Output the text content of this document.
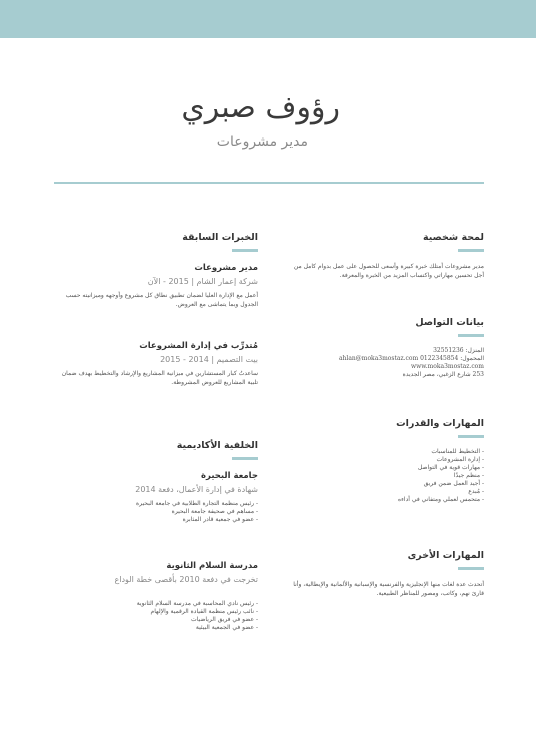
رؤوف صبري
مدير مشروعات
لمحة شخصية
مدير مشروعات أمتلك خبرة كبيرة وأسعى للحصول على عمل بدوام كامل من أجل تحسين مهاراتي واكتساب المزيد من الخبرة والمعرفة.
بيانات التواصل
المنزل: 32551236
المحمول: 0122345854 ahlan@moka3mostaz.com
www.moka3mostaz.com
253 شارع الزغبي، مصر الجديدة
المهارات والقدرات
- التخطيط للمناسبات
- إدارة المشروعات
- مهارات قوية في التواصل
- منظم جيدًا
- أجيد العمل ضمن فريق
- مُبدع
- متحمس لعملي ومتفاني في أداءه
المهارات الأخرى
أتحدث عدة لغات منها الإنجليزية والفرنسية والإسبانية والألمانية والإيطالية، وأنا قارئ نهم، وكاتب، ومصور للمناظر الطبيعية.
الخبرات السابقة
مدير مشروعات
شركة إعمار الشام | 2015 - الآن
أعمل مع الإدارة العليا لضمان تطبيق نطاق كل مشروع وأوجهه وميزانيته حسب الجدول وبما يتماشى مع العروض.
مُتدرِّب في إدارة المشروعات
بيت التصميم | 2014 - 2015
ساعدتُ كبار المستشارين في ميزانية المشاريع والإرشاد والتخطيط بهدف ضمان تلبية المشاريع للعروض المشروطة.
الخلفية الأكاديمية
جامعة البحيرة
شهادة في إدارة الأعمال، دفعة 2014
- رئيس منظمة التجارة الطلابية في جامعة البحيرة
- مساهم في صحيفة جامعة البحيرة
- عضو في جمعية قادر المثابرة
مدرسة السلام الثانوية
تخرجت في دفعة 2010 بأقصى خطة الوداع
- رئيس نادي المحاسبة في مدرسة السلام الثانوية
- نائب رئيس منظمة القيادة الرقمية والإلهام
- عضو في فريق الرياضيات
- عضو في الجمعية البيئية
